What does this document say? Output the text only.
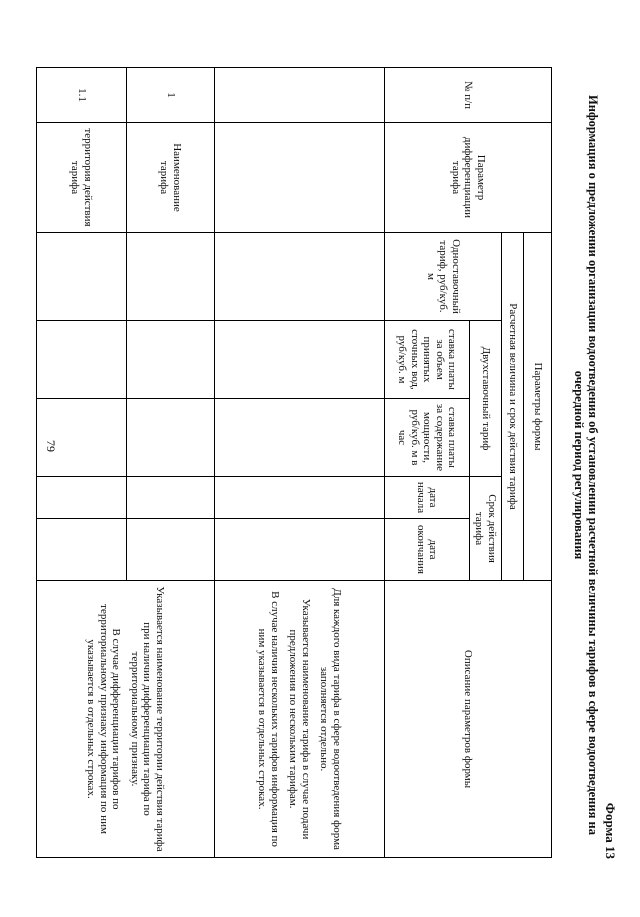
79
Форма 13
Информация о предложении организации водоотведения об установлении расчетной величины тарифов в сфере водоотведения на очередной период регулирования
№ п/п	Параметр дифференциации тарифа	Параметры формы					Описание параметров формы
		Расчетная величина и срок действия тарифа					
		Одноставочный тариф, руб/куб. м	Двухставочный тариф		Срок действия тарифа		
			ставка платы за объем принятых сточных вод, руб/куб. м	ставка платы за содержание мощности, руб/куб. м в час	дата начала	дата окончания	

							Для каждого вида тарифа в сфере водоотведения форма заполняется отдельно.

Указывается наименование тарифа в случае подачи предложения по нескольким тарифам.

В случае наличия нескольких тарифов информация по ним указывается в отдельных строках.

1	Наименование тарифа						Указывается наименование территории действия тарифа при наличии дифференциации тарифа по территориальному признаку.

В случае дифференциации тарифов по территориальному признаку информация по ним указывается в отдельных строках.

1.1	территория действия тарифа						
